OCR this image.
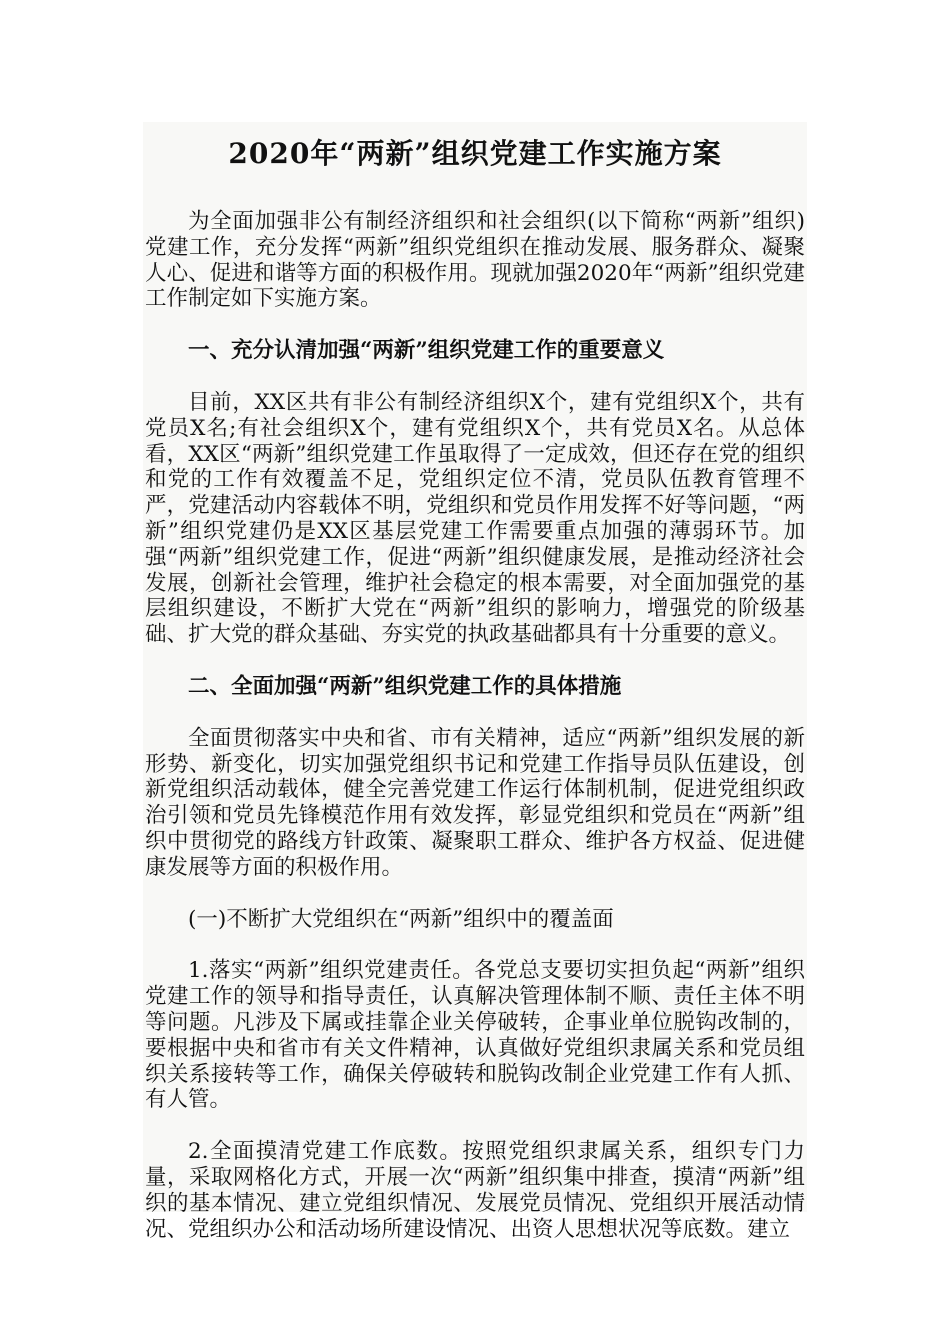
2020年“两新”组织党建工作实施方案

为全面加强非公有制经济组织和社会组织(以下简称“两新”组织)党建工作，充分发挥“两新”组织党组织在推动发展、服务群众、凝聚人心、促进和谐等方面的积极作用。现就加强2020年“两新”组织党建工作制定如下实施方案。

一、充分认清加强“两新”组织党建工作的重要意义

目前，XX区共有非公有制经济组织X个，建有党组织X个，共有党员X名;有社会组织X个，建有党组织X个，共有党员X名。从总体看，XX区“两新”组织党建工作虽取得了一定成效，但还存在党的组织和党的工作有效覆盖不足，党组织定位不清，党员队伍教育管理不严，党建活动内容载体不明，党组织和党员作用发挥不好等问题，“两新”组织党建仍是XX区基层党建工作需要重点加强的薄弱环节。加强“两新”组织党建工作，促进“两新”组织健康发展，是推动经济社会发展，创新社会管理，维护社会稳定的根本需要，对全面加强党的基层组织建设，不断扩大党在“两新”组织的影响力，增强党的阶级基础、扩大党的群众基础、夯实党的执政基础都具有十分重要的意义。

二、全面加强“两新”组织党建工作的具体措施

全面贯彻落实中央和省、市有关精神，适应“两新”组织发展的新形势、新变化，切实加强党组织书记和党建工作指导员队伍建设，创新党组织活动载体，健全完善党建工作运行体制机制，促进党组织政治引领和党员先锋模范作用有效发挥，彰显党组织和党员在“两新”组织中贯彻党的路线方针政策、凝聚职工群众、维护各方权益、促进健康发展等方面的积极作用。

(一)不断扩大党组织在“两新”组织中的覆盖面

1.落实“两新”组织党建责任。各党总支要切实担负起“两新”组织党建工作的领导和指导责任，认真解决管理体制不顺、责任主体不明等问题。凡涉及下属或挂靠企业关停破转，企事业单位脱钩改制的，要根据中央和省市有关文件精神，认真做好党组织隶属关系和党员组织关系接转等工作，确保关停破转和脱钩改制企业党建工作有人抓、有人管。

2.全面摸清党建工作底数。按照党组织隶属关系，组织专门力量，采取网格化方式，开展一次“两新”组织集中排查，摸清“两新”组织的基本情况、建立党组织情况、发展党员情况、党组织开展活动情况、党组织办公和活动场所建设情况、出资人思想状况等底数。建立
